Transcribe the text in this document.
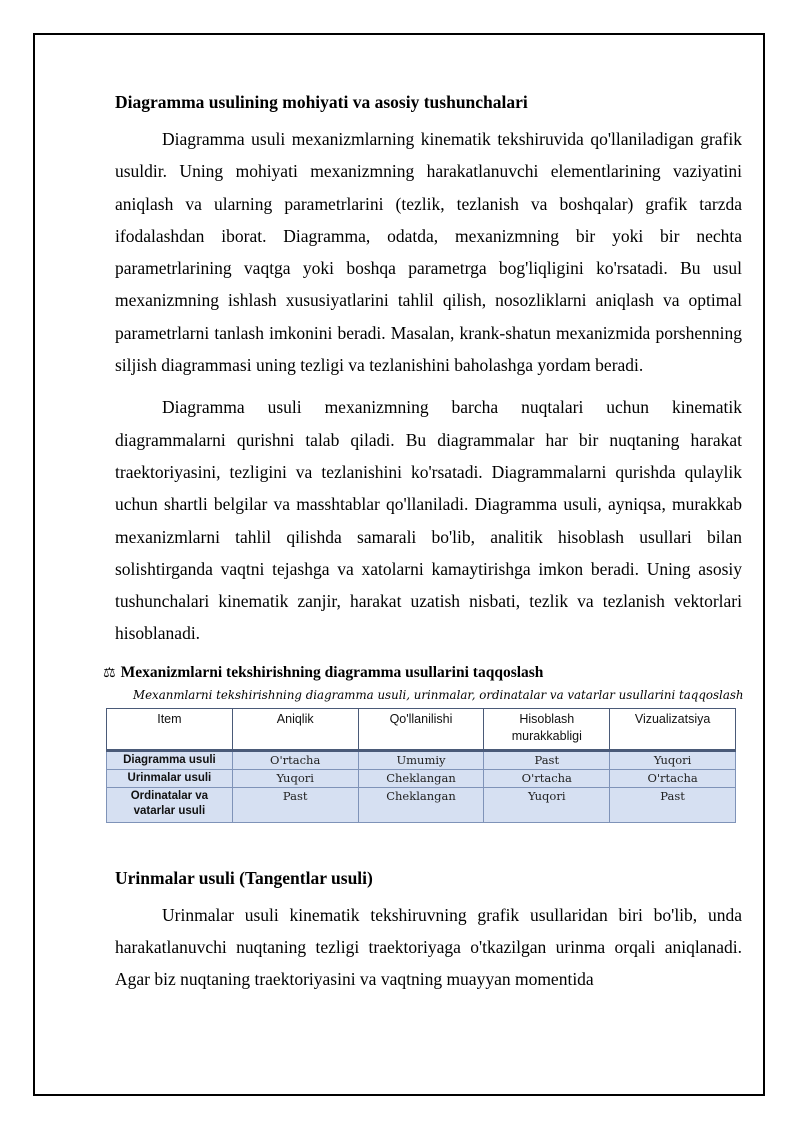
Diagramma usulining mohiyati va asosiy tushunchalari

Diagramma usuli mexanizmlarning kinematik tekshiruvida qo'llaniladigan grafik usuldir. Uning mohiyati mexanizmning harakatlanuvchi elementlarining vaziyatini aniqlash va ularning parametrlarini (tezlik, tezlanish va boshqalar) grafik tarzda ifodalashdan iborat. Diagramma, odatda, mexanizmning bir yoki bir nechta parametrlarining vaqtga yoki boshqa parametrga bog'liqligini ko'rsatadi. Bu usul mexanizmning ishlash xususiyatlarini tahlil qilish, nosozliklarni aniqlash va optimal parametrlarni tanlash imkonini beradi. Masalan, krank-shatun mexanizmida porshenning siljish diagrammasi uning tezligi va tezlanishini baholashga yordam beradi.

Diagramma usuli mexanizmning barcha nuqtalari uchun kinematik diagrammalarni qurishni talab qiladi. Bu diagrammalar har bir nuqtaning harakat traektoriyasini, tezligini va tezlanishini ko'rsatadi. Diagrammalarni qurishda qulaylik uchun shartli belgilar va masshtablar qo'llaniladi. Diagramma usuli, ayniqsa, murakkab mexanizmlarni tahlil qilishda samarali bo'lib, analitik hisoblash usullari bilan solishtirganda vaqtni tejashga va xatolarni kamaytirishga imkon beradi. Uning asosiy tushunchalari kinematik zanjir, harakat uzatish nisbati, tezlik va tezlanish vektorlari hisoblanadi.

⚖ Mexanizmlarni tekshirishning diagramma usullarini taqqoslash
Mexanmlarni tekshirishning diagramma usuli, urinmalar, ordinatalar va vatarlar usullarini taqqoslash
Item	Aniqlik	Qo'llanilishi	Hisoblash murakkabligi	Vizualizatsiya
Diagramma usuli	O'rtacha	Umumiy	Past	Yuqori
Urinmalar usuli	Yuqori	Cheklangan	O'rtacha	O'rtacha
Ordinatalar va vatarlar usuli	Past	Cheklangan	Yuqori	Past
Urinmalar usuli (Tangentlar usuli)

Urinmalar usuli kinematik tekshiruvning grafik usullaridan biri bo'lib, unda harakatlanuvchi nuqtaning tezligi traektoriyaga o'tkazilgan urinma orqali aniqlanadi. Agar biz nuqtaning traektoriyasini va vaqtning muayyan momentida
